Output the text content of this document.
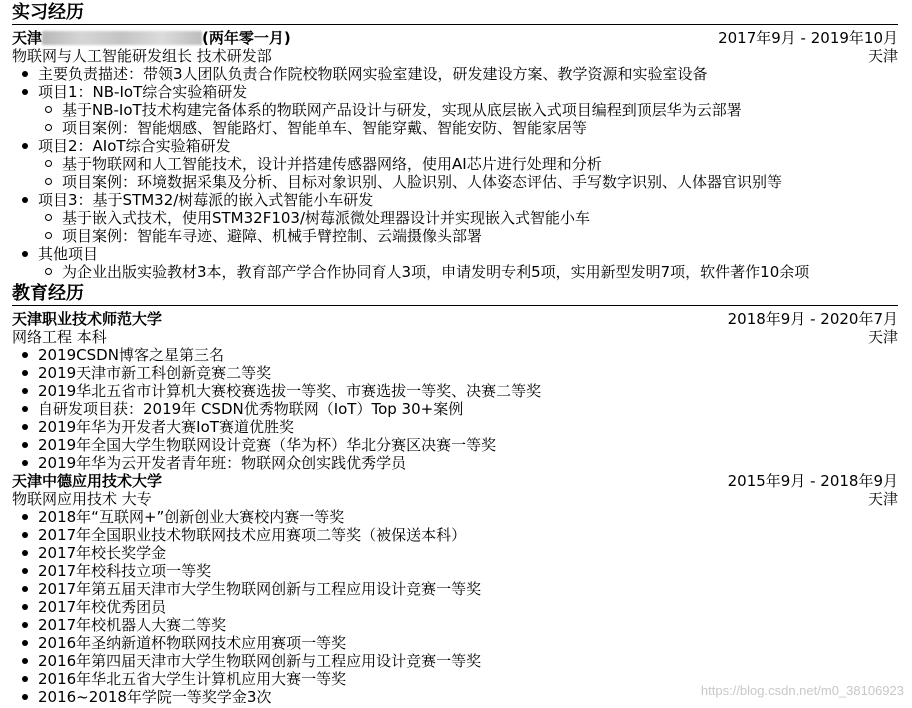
实习经历
天津	(两年零一月)	2017年9月 - 2019年10月
物联网与人工智能研发组长 技术研发部	天津
主要负责描述：带领3人团队负责合作院校物联网实验室建设，研发建设方案、教学资源和实验室设备
项目1：NB-IoT综合实验箱研发
基于NB-IoT技术构建完备体系的物联网产品设计与研发，实现从底层嵌入式项目编程到顶层华为云部署
项目案例：智能烟感、智能路灯、智能单车、智能穿戴、智能安防、智能家居等
项目2：AIoT综合实验箱研发
基于物联网和人工智能技术，设计并搭建传感器网络，使用AI芯片进行处理和分析
项目案例：环境数据采集及分析、目标对象识别、人脸识别、人体姿态评估、手写数字识别、人体器官识别等
项目3：基于STM32/树莓派的嵌入式智能小车研发
基于嵌入式技术，使用STM32F103/树莓派微处理器设计并实现嵌入式智能小车
项目案例：智能车寻迹、避障、机械手臂控制、云端摄像头部署
其他项目
为企业出版实验教材3本，教育部产学合作协同育人3项，申请发明专利5项，实用新型发明7项，软件著作10余项
教育经历
天津职业技术师范大学	2018年9月 - 2020年7月
网络工程 本科	天津
2019CSDN博客之星第三名
2019天津市新工科创新竞赛二等奖
2019华北五省市计算机大赛校赛选拔一等奖、市赛选拔一等奖、决赛二等奖
自研发项目获：2019年 CSDN优秀物联网（IoT）Top 30+案例
2019年华为开发者大赛IoT赛道优胜奖
2019年全国大学生物联网设计竞赛（华为杯）华北分赛区决赛一等奖
2019年华为云开发者青年班：物联网众创实践优秀学员
天津中德应用技术大学	2015年9月 - 2018年9月
物联网应用技术 大专	天津
2018年“互联网+”创新创业大赛校内赛一等奖
2017年全国职业技术物联网技术应用赛项二等奖（被保送本科）
2017年校长奖学金
2017年校科技立项一等奖
2017年第五届天津市大学生物联网创新与工程应用设计竞赛一等奖
2017年校优秀团员
2017年校机器人大赛二等奖
2016年圣纳新道杯物联网技术应用赛项一等奖
2016年第四届天津市大学生物联网创新与工程应用设计竞赛一等奖
2016年华北五省大学生计算机应用大赛一等奖
2016~2018年学院一等奖学金3次	https://blog.csdn.net/m0_38106923
